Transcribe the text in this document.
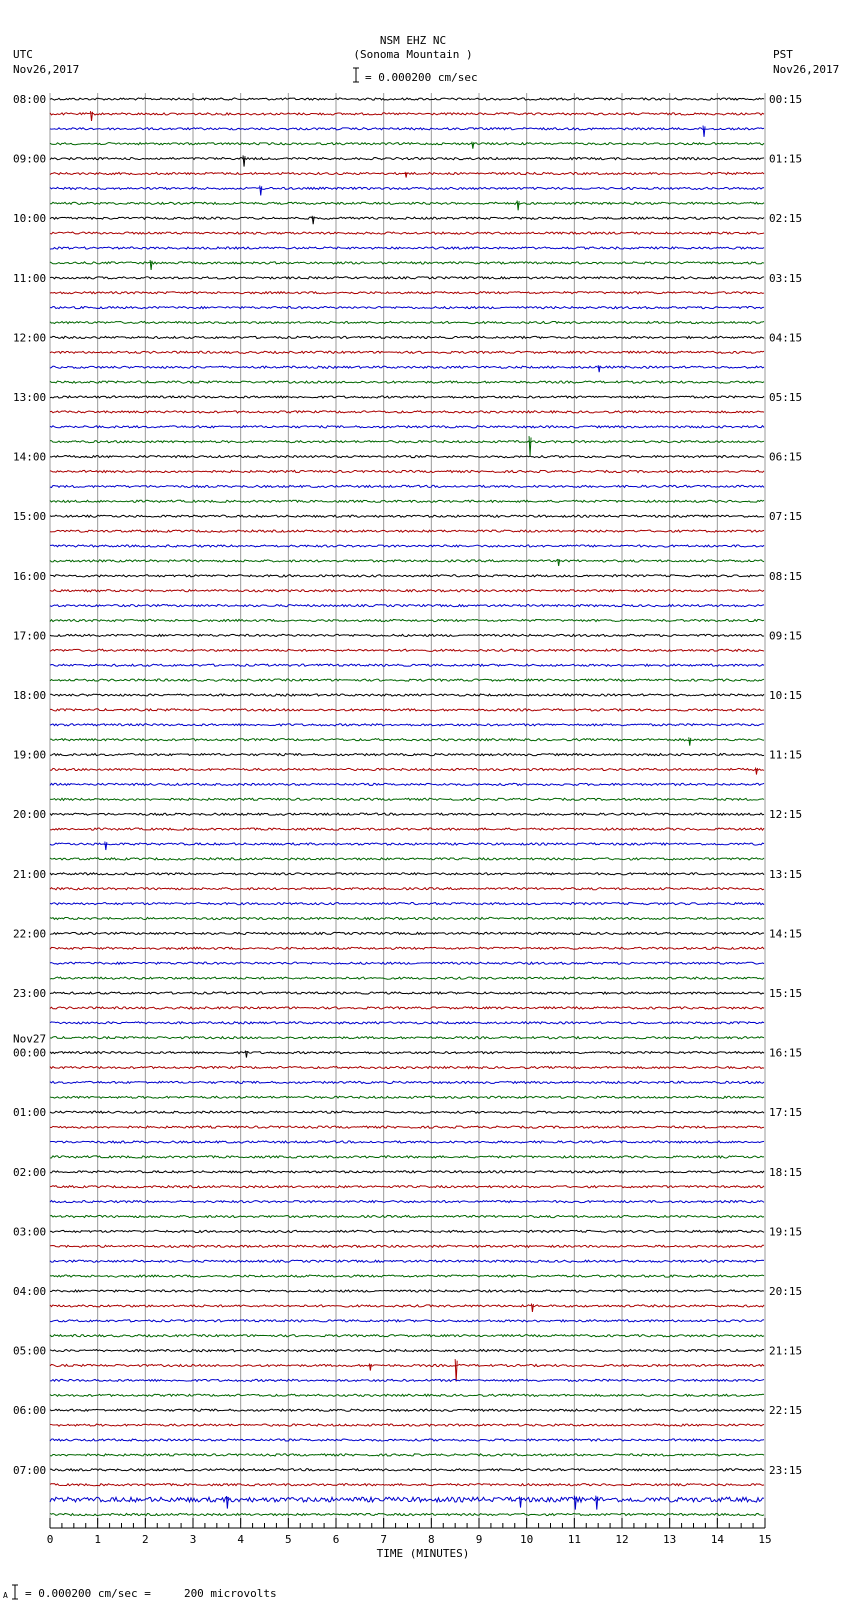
NSM EHZ NC
(Sonoma Mountain )
= 0.000200 cm/sec
UTC
Nov26,2017
PST
Nov26,2017
08:00
09:00
10:00
11:00
12:00
13:00
14:00
15:00
16:00
17:00
18:00
19:00
20:00
21:00
22:00
23:00
00:00
Nov27
01:00
02:00
03:00
04:00
05:00
06:00
07:00
00:15
01:15
02:15
03:15
04:15
05:15
06:15
07:15
08:15
09:15
10:15
11:15
12:15
13:15
14:15
15:15
16:15
17:15
18:15
19:15
20:15
21:15
22:15
23:15
TIME (MINUTES)
0	1	2	3	4	5	6	7	8	9	10	11	12	13	14	15
A = 0.000200 cm/sec =     200 microvolts
